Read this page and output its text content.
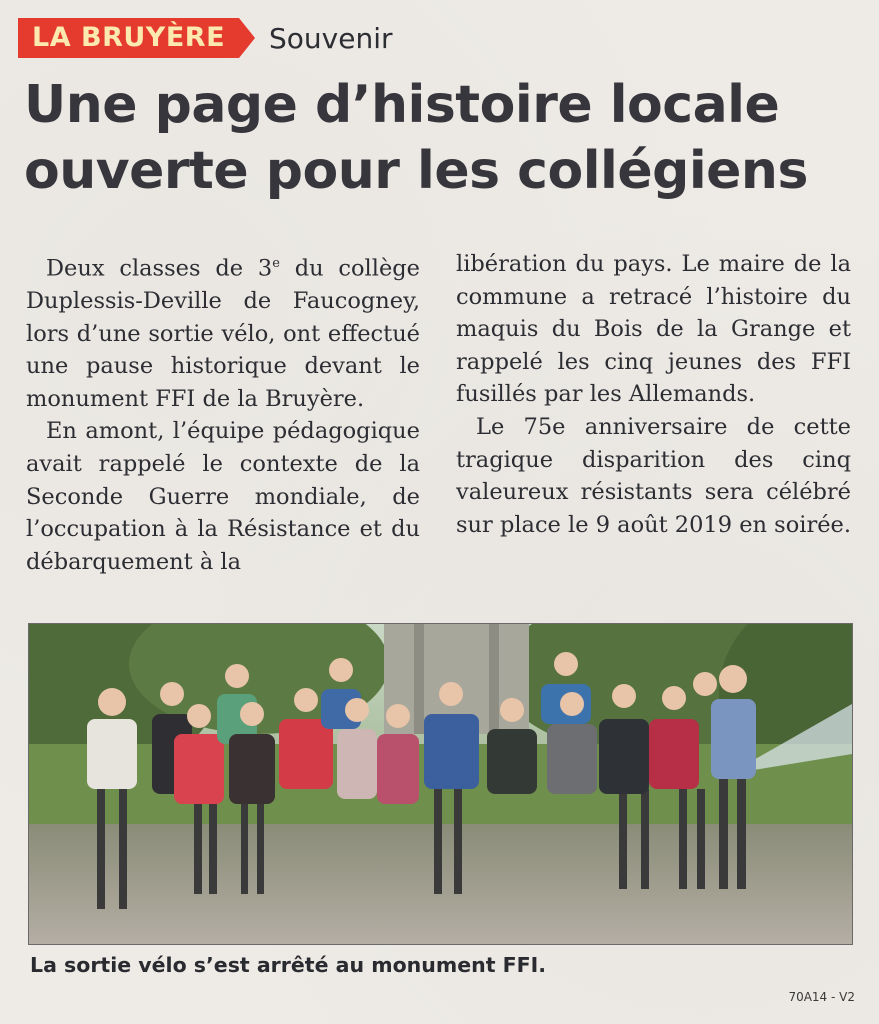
LA BRUYÈRE	Souvenir
Une page d’histoire locale
ouverte pour les collégiens

Deux classes de 3e du collège Duplessis-Deville de Faucogney, lors d’une sortie vélo, ont effectué une pause historique devant le monument FFI de la Bruyère.

En amont, l’équipe pédagogique avait rappelé le contexte de la Seconde Guerre mondiale, de l’occupation à la Résistance et du débarquement à la

libération du pays. Le maire de la commune a retracé l’histoire du maquis du Bois de la Grange et rappelé les cinq jeunes des FFI fusillés par les Allemands.

Le 75e anniversaire de cette tragique disparition des cinq valeureux résistants sera célébré sur place le 9 août 2019 en soirée.

La sortie vélo s’est arrêté au monument FFI.
70A14 - V2
